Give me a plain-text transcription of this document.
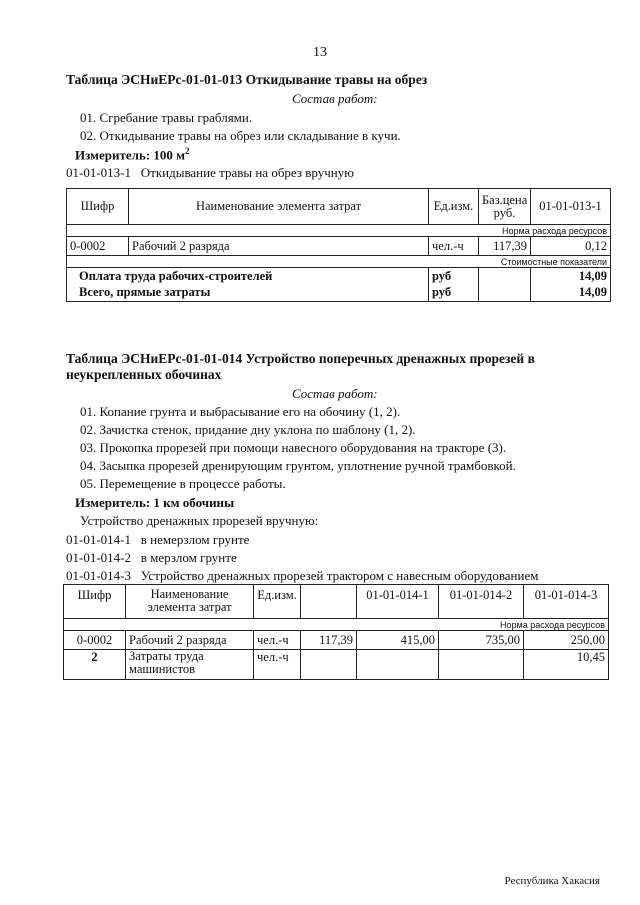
13
Таблица ЭСНиЕРс-01-01-013 Откидывание травы на обрез
Состав работ:
01. Сгребание травы граблями.
02. Откидывание травы на обрез или складывание в кучи.
Измеритель: 100 $м^2$
01-01-013-1 Откидывание травы на обрез вручную
Шифр	Наименование элемента затрат	Ед.изм.	Баз.цена руб.	01-01-013-1
Норма расхода ресурсов				
0-0002	Рабочий 2 разряда	чел.-ч	117,39	0,12
Стоимостные показатели				
Оплата труда рабочих-строителей		руб		14,09
Всего, прямые затраты		руб		14,09
Таблица ЭСНиЕРс-01-01-014 Устройство поперечных дренажных прорезей в
неукрепленных обочинах
Состав работ:
01. Копание грунта и выбрасывание его на обочину (1, 2).
02. Зачистка стенок, придание дну уклона по шаблону (1, 2).
03. Прокопка прорезей при помощи навесного оборудования на тракторе (3).
04. Засыпка прорезей дренирующим грунтом, уплотнение ручной трамбовкой.
05. Перемещение в процессе работы.
Измеритель: 1 км обочины
Устройство дренажных прорезей вручную:
01-01-014-1 в немерзлом грунте
01-01-014-2 в мерзлом грунте
01-01-014-3 Устройство дренажных прорезей трактором с навесным оборудованием
Шифр	Наименование элемента затрат	Ед.изм.		01-01-014-1	01-01-014-2	01-01-014-3
Норма расхода ресурсов						
0-0002	Рабочий 2 разряда	чел.-ч	117,39	415,00	735,00	250,00
2	Затраты труда машинистов	чел.-ч				10,45
Республика Хакасия
